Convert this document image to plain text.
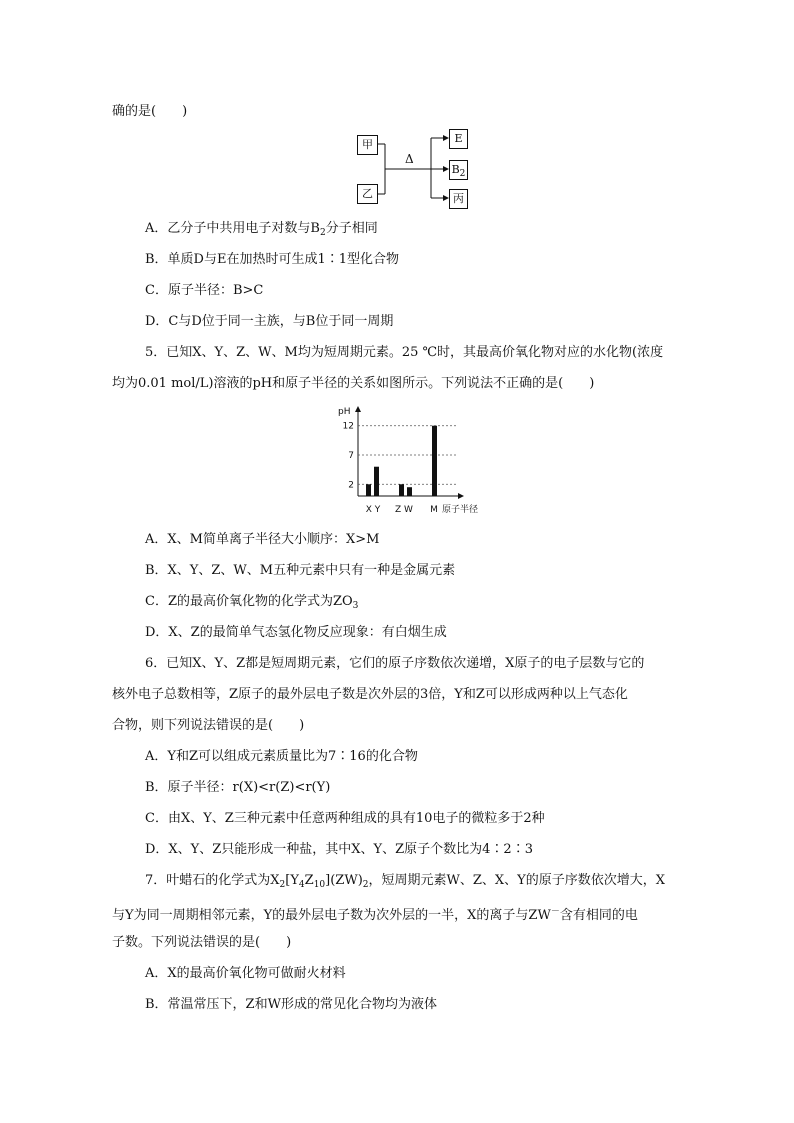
确的是(　　)
甲
乙
Δ
E
$B_2$
丙
A．乙分子中共用电子对数与$B_2$分子相同
B．单质D与E在加热时可生成1∶1型化合物
C．原子半径：B>C
D．C与D位于同一主族，与B位于同一周期
5．已知X、Y、Z、W、M均为短周期元素。25 ℃时，其最高价氧化物对应的水化物(浓度
均为0.01 mol/L)溶液的pH和原子半径的关系如图所示。下列说法不正确的是(　　)
pH
原子半径
2
7
12
X Y Z W M
A．X、M简单离子半径大小顺序：X>M
B．X、Y、Z、W、M五种元素中只有一种是金属元素
C．Z的最高价氧化物的化学式为$ZO_3$
D．X、Z的最简单气态氢化物反应现象：有白烟生成
6．已知X、Y、Z都是短周期元素，它们的原子序数依次递增，X原子的电子层数与它的
核外电子总数相等，Z原子的最外层电子数是次外层的3倍，Y和Z可以形成两种以上气态化
合物，则下列说法错误的是(　　)
A．Y和Z可以组成元素质量比为7∶16的化合物
B．原子半径：r(X)<r(Z)<r(Y)
C．由X、Y、Z三种元素中任意两种组成的具有10电子的微粒多于2种
D．X、Y、Z只能形成一种盐，其中X、Y、Z原子个数比为4∶2∶3
7．叶蜡石的化学式为$X_2[Y_4Z_{10}](ZW)_2$，短周期元素W、Z、X、Y的原子序数依次增大，X
与Y为同一周期相邻元素，Y的最外层电子数为次外层的一半，X的离子与ZW－含有相同的电
子数。下列说法错误的是(　　)
A．X的最高价氧化物可做耐火材料
B．常温常压下，Z和W形成的常见化合物均为液体
